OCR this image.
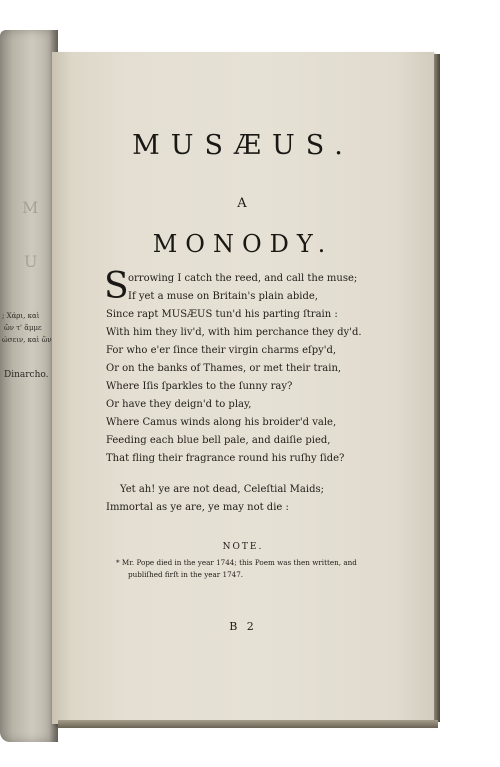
M
U
; Χάρι, καὶ
ὤν τ' ἄμμε
ώσειν, καὶ ὤν
Dinarcho.
MUSÆUS.
A
MONODY.
S orrowing I catch the reed, and call the muse;
If yet a muse on Britain's plain abide,
Since rapt MUSÆUS tun'd his parting ſtrain :
With him they liv'd, with him perchance they dy'd.
For who e'er ſince their virgin charms eſpy'd,
Or on the banks of Thames, or met their train,
Where Iſis ſparkles to the ſunny ray?
Or have they deign'd to play,
Where Camus winds along his broider'd vale,
Feeding each blue bell pale, and daiſie pied,
That fling their fragrance round his ruſhy ſide?
Yet ah! ye are not dead, Celeſtial Maids;
Immortal as ye are, ye may not die :
NOTE.
* Mr. Pope died in the year 1744; this Poem was then written, and
publiſhed firſt in the year 1747.
B 2
